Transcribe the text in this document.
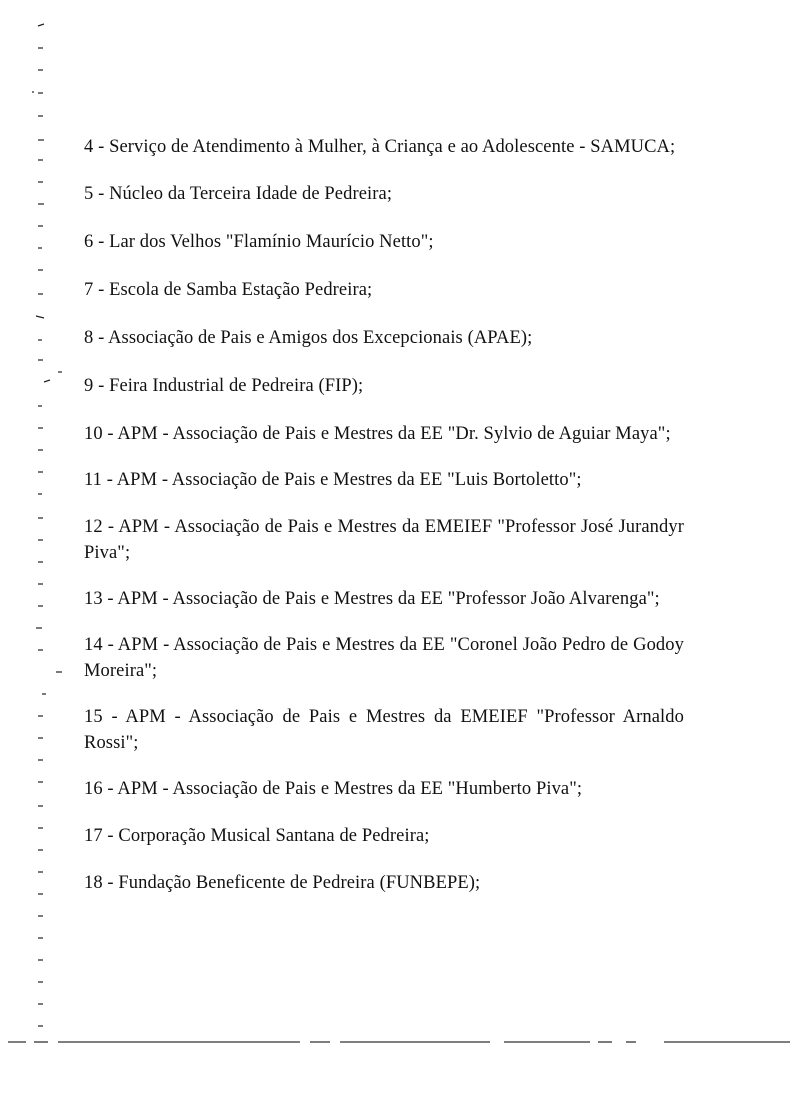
4 - Serviço de Atendimento à Mulher, à Criança e ao Adolescente - SAMUCA;
5 - Núcleo da Terceira Idade de Pedreira;
6 - Lar dos Velhos "Flamínio Maurício Netto";
7 - Escola de Samba Estação Pedreira;
8 - Associação de Pais e Amigos dos Excepcionais (APAE);
9 - Feira Industrial de Pedreira (FIP);
10 - APM - Associação de Pais e Mestres da EE "Dr. Sylvio de Aguiar Maya";
11 - APM - Associação de Pais e Mestres da EE "Luis Bortoletto";
12 - APM - Associação de Pais e Mestres da EMEIEF "Professor José Jurandyr Piva";
13 - APM - Associação de Pais e Mestres da EE "Professor João Alvarenga";
14 - APM - Associação de Pais e Mestres da EE "Coronel João Pedro de Godoy Moreira";
15 - APM - Associação de Pais e Mestres da EMEIEF "Professor Arnaldo Rossi";
16 - APM - Associação de Pais e Mestres da EE "Humberto Piva";
17 - Corporação Musical Santana de Pedreira;
18 - Fundação Beneficente de Pedreira (FUNBEPE);
